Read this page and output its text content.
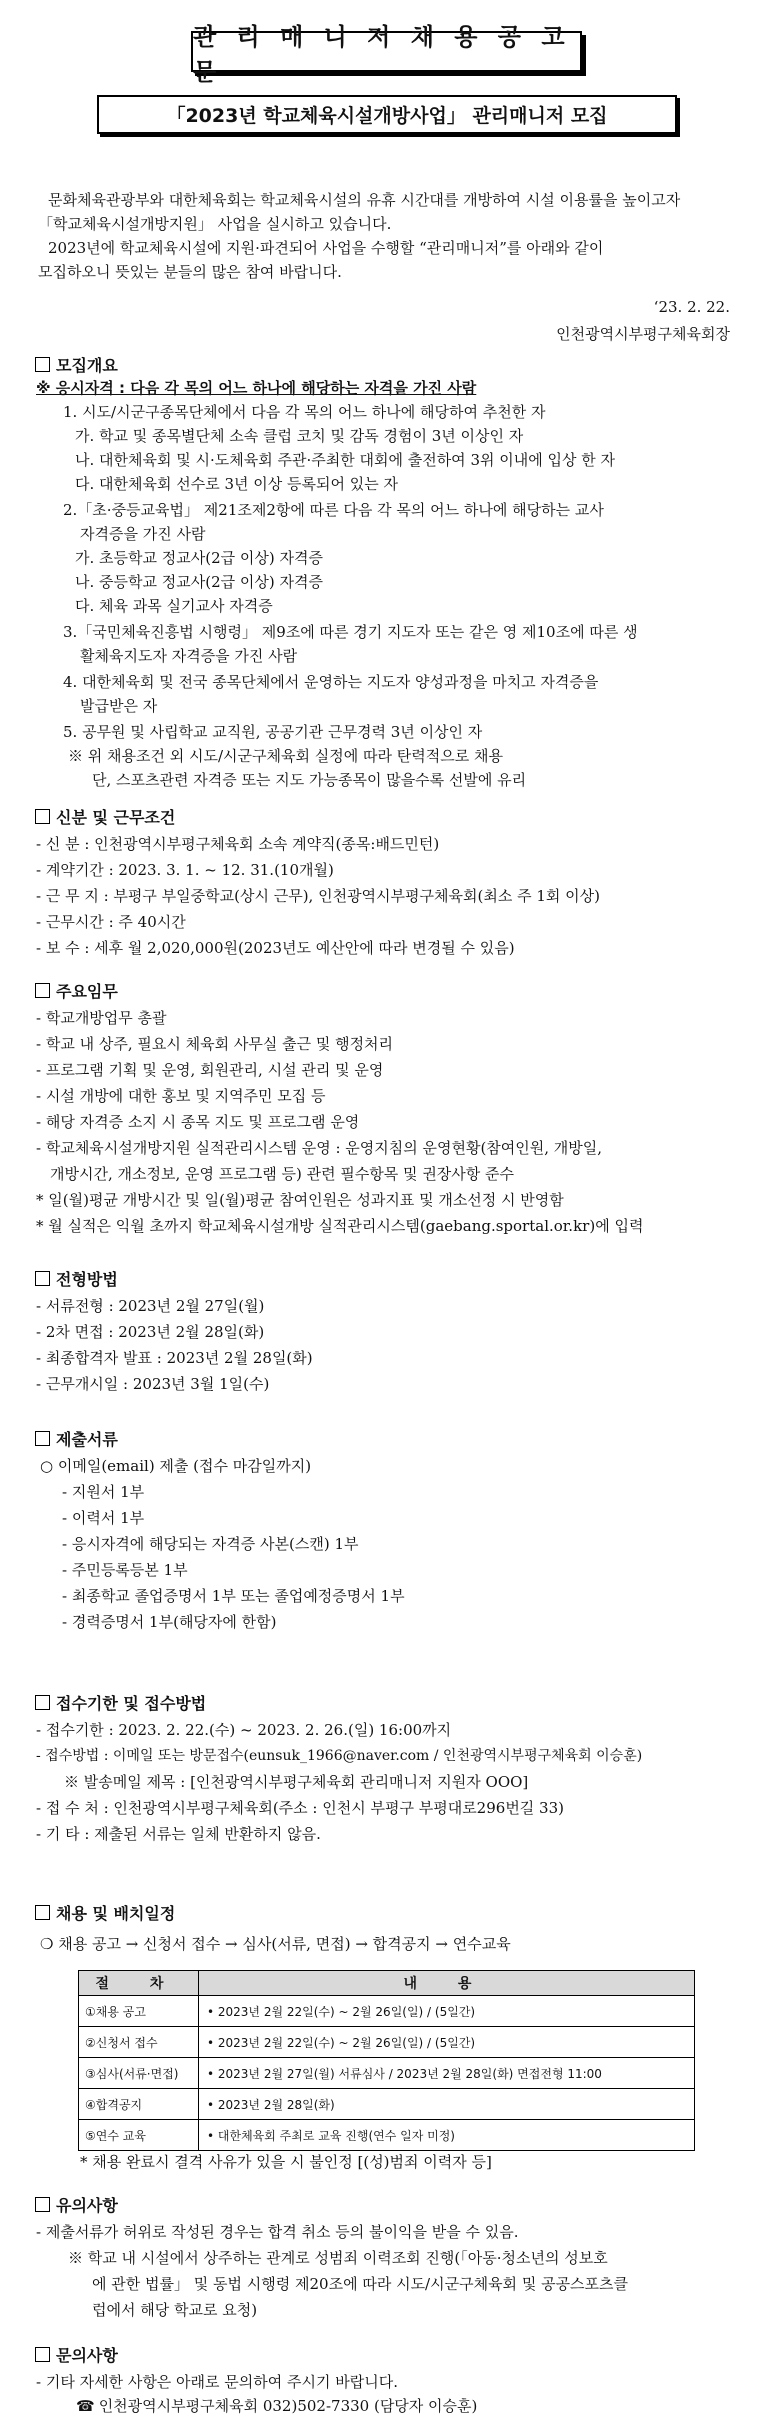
관 리 매 니 저 채 용 공 고 문
「2023년 학교체육시설개방사업」 관리매니저 모집
문화체육관광부와 대한체육회는 학교체육시설의 유휴 시간대를 개방하여 시설 이용률을 높이고자
「학교체육시설개방지원」 사업을 실시하고 있습니다.
2023년에 학교체육시설에 지원·파견되어 사업을 수행할 “관리매니저”를 아래와 같이
모집하오니 뜻있는 분들의 많은 참여 바랍니다.
‘23. 2. 22.
인천광역시부평구체육회장
모집개요
※ 응시자격 : 다음 각 목의 어느 하나에 해당하는 자격을 가진 사람
1. 시도/시군구종목단체에서 다음 각 목의 어느 하나에 해당하여 추천한 자
가. 학교 및 종목별단체 소속 클럽 코치 및 감독 경험이 3년 이상인 자
나. 대한체육회 및 시·도체육회 주관·주최한 대회에 출전하여 3위 이내에 입상 한 자
다. 대한체육회 선수로 3년 이상 등록되어 있는 자
2.「초·중등교육법」 제21조제2항에 따른 다음 각 목의 어느 하나에 해당하는 교사
자격증을 가진 사람
가. 초등학교 정교사(2급 이상) 자격증
나. 중등학교 정교사(2급 이상) 자격증
다. 체육 과목 실기교사 자격증
3.「국민체육진흥법 시행령」 제9조에 따른 경기 지도자 또는 같은 영 제10조에 따른 생
활체육지도자 자격증을 가진 사람
4. 대한체육회 및 전국 종목단체에서 운영하는 지도자 양성과정을 마치고 자격증을
발급받은 자
5. 공무원 및 사립학교 교직원, 공공기관 근무경력 3년 이상인 자
※ 위 채용조건 외 시도/시군구체육회 실정에 따라 탄력적으로 채용
단, 스포츠관련 자격증 또는 지도 가능종목이 많을수록 선발에 유리
신분 및 근무조건
- 신 분 : 인천광역시부평구체육회 소속 계약직(종목:배드민턴)
- 계약기간 : 2023. 3. 1. ~ 12. 31.(10개월)
- 근 무 지 : 부평구 부일중학교(상시 근무), 인천광역시부평구체육회(최소 주 1회 이상)
- 근무시간 : 주 40시간
- 보 수 : 세후 월 2,020,000원(2023년도 예산안에 따라 변경될 수 있음)
주요임무
- 학교개방업무 총괄
- 학교 내 상주, 필요시 체육회 사무실 출근 및 행정처리
- 프로그램 기획 및 운영, 회원관리, 시설 관리 및 운영
- 시설 개방에 대한 홍보 및 지역주민 모집 등
- 해당 자격증 소지 시 종목 지도 및 프로그램 운영
- 학교체육시설개방지원 실적관리시스템 운영 : 운영지침의 운영현황(참여인원, 개방일,
개방시간, 개소정보, 운영 프로그램 등) 관련 필수항목 및 권장사항 준수
* 일(월)평균 개방시간 및 일(월)평균 참여인원은 성과지표 및 개소선정 시 반영함
* 월 실적은 익월 초까지 학교체육시설개방 실적관리시스템(gaebang.sportal.or.kr)에 입력
전형방법
- 서류전형 : 2023년 2월 27일(월)
- 2차 면접 : 2023년 2월 28일(화)
- 최종합격자 발표 : 2023년 2월 28일(화)
- 근무개시일 : 2023년 3월 1일(수)
제출서류
○ 이메일(email) 제출 (접수 마감일까지)
- 지원서 1부
- 이력서 1부
- 응시자격에 해당되는 자격증 사본(스캔) 1부
- 주민등록등본 1부
- 최종학교 졸업증명서 1부 또는 졸업예정증명서 1부
- 경력증명서 1부(해당자에 한함)
접수기한 및 접수방법
- 접수기한 : 2023. 2. 22.(수) ~ 2023. 2. 26.(일) 16:00까지
- 접수방법 : 이메일 또는 방문접수(eunsuk_1966@naver.com / 인천광역시부평구체육회 이승훈)
※ 발송메일 제목 : [인천광역시부평구체육회 관리매니저 지원자 OOO]
- 접 수 처 : 인천광역시부평구체육회(주소 : 인천시 부평구 부평대로296번길 33)
- 기 타 : 제출된 서류는 일체 반환하지 않음.
채용 및 배치일정
❍ 채용 공고 → 신청서 접수 → 심사(서류, 면접) → 합격공지 → 연수교육
절 차	내 용
①채용 공고	• 2023년 2월 22일(수) ~ 2월 26일(일) / (5일간)
②신청서 접수	• 2023년 2월 22일(수) ~ 2월 26일(일) / (5일간)
③심사(서류·면접)	• 2023년 2월 27일(월) 서류심사 / 2023년 2월 28일(화) 면접전형 11:00
④합격공지	• 2023년 2월 28일(화)
⑤연수 교육	• 대한체육회 주최로 교육 진행(연수 일자 미정)
* 채용 완료시 결격 사유가 있을 시 불인정 [(성)범죄 이력자 등]
유의사항
- 제출서류가 허위로 작성된 경우는 합격 취소 등의 불이익을 받을 수 있음.
※ 학교 내 시설에서 상주하는 관계로 성범죄 이력조회 진행(「아동·청소년의 성보호
에 관한 법률」 및 동법 시행령 제20조에 따라 시도/시군구체육회 및 공공스포츠클
럽에서 해당 학교로 요청)
문의사항
- 기타 자세한 사항은 아래로 문의하여 주시기 바랍니다.
☎ 인천광역시부평구체육회 032)502-7330 (담당자 이승훈)
